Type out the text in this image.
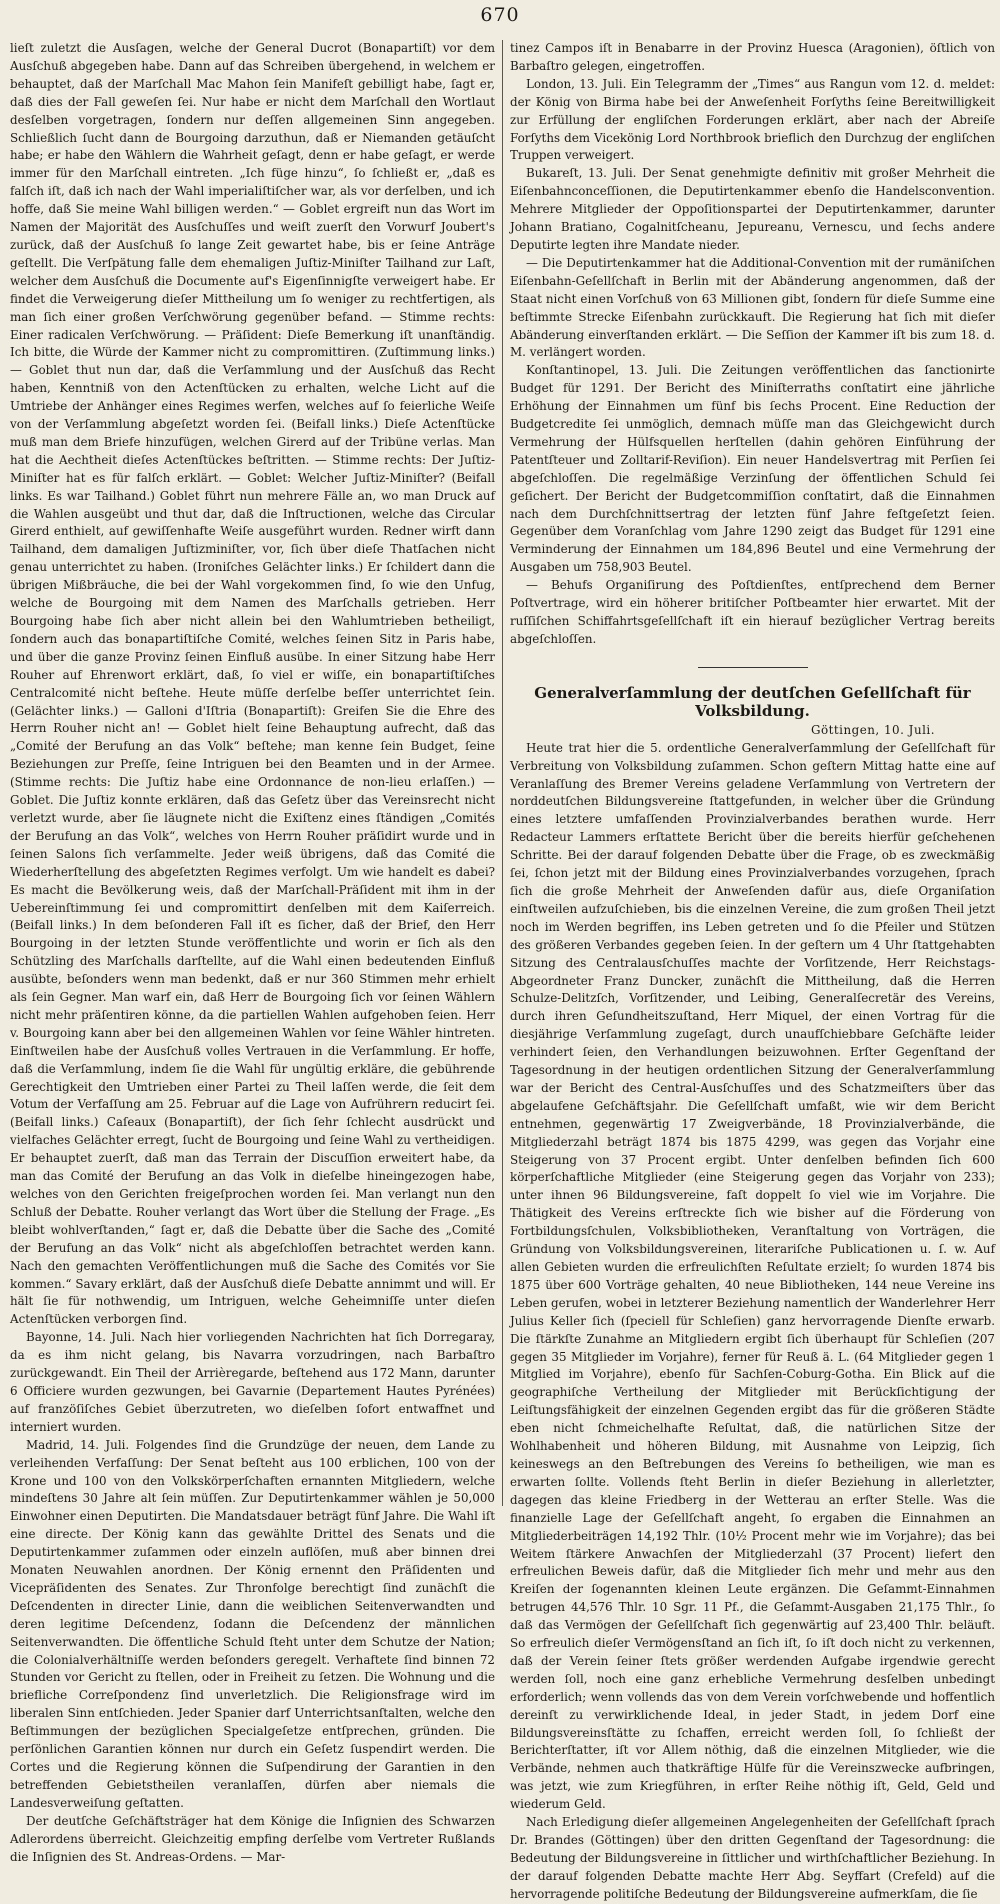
670

lieſt zuletzt die Ausſagen, welche der General Ducrot (Bonapartiſt) vor dem Ausſchuß abgegeben habe. Dann auf das Schreiben übergehend, in welchem er behauptet, daß der Marſchall Mac Mahon ſein Manifeſt gebilligt habe, ſagt er, daß dies der Fall geweſen ſei. Nur habe er nicht dem Marſchall den Wortlaut desſelben vorgetragen, ſondern nur deſſen allgemeinen Sinn angegeben. Schließlich ſucht dann de Bourgoing darzuthun, daß er Niemanden getäuſcht habe; er habe den Wählern die Wahrheit geſagt, denn er habe geſagt, er werde immer für den Marſchall eintreten. „Ich füge hinzu“, ſo ſchließt er, „daß es falſch iſt, daß ich nach der Wahl imperialiſtiſcher war, als vor derſelben, und ich hoffe, daß Sie meine Wahl billigen werden.“ — Goblet ergreift nun das Wort im Namen der Majorität des Ausſchuſſes und weiſt zuerſt den Vorwurf Joubert's zurück, daß der Ausſchuß ſo lange Zeit gewartet habe, bis er ſeine Anträge geſtellt. Die Verſpätung falle dem ehemaligen Juſtiz-Miniſter Tailhand zur Laſt, welcher dem Ausſchuß die Documente auf's Eigenſinnigſte verweigert habe. Er findet die Verweigerung dieſer Mittheilung um ſo weniger zu rechtfertigen, als man ſich einer großen Verſchwörung gegenüber befand. — Stimme rechts: Einer radicalen Verſchwörung. — Präſident: Dieſe Bemerkung iſt unanſtändig. Ich bitte, die Würde der Kammer nicht zu compromittiren. (Zuſtimmung links.) — Goblet thut nun dar, daß die Verſammlung und der Ausſchuß das Recht haben, Kenntniß von den Actenſtücken zu erhalten, welche Licht auf die Umtriebe der Anhänger eines Regimes werfen, welches auf ſo feierliche Weiſe von der Verſammlung abgeſetzt worden ſei. (Beifall links.) Dieſe Actenſtücke muß man dem Briefe hinzufügen, welchen Girerd auf der Tribüne verlas. Man hat die Aechtheit dieſes Actenſtückes beſtritten. — Stimme rechts: Der Juſtiz-Miniſter hat es für falſch erklärt. — Goblet: Welcher Juſtiz-Miniſter? (Beifall links. Es war Tailhand.) Goblet führt nun mehrere Fälle an, wo man Druck auf die Wahlen ausgeübt und thut dar, daß die Inſtructionen, welche das Circular Girerd enthielt, auf gewiſſenhafte Weiſe ausgeführt wurden. Redner wirft dann Tailhand, dem damaligen Juſtizminiſter, vor, ſich über dieſe Thatſachen nicht genau unterrichtet zu haben. (Ironiſches Gelächter links.) Er ſchildert dann die übrigen Mißbräuche, die bei der Wahl vorgekommen ſind, ſo wie den Unfug, welche de Bourgoing mit dem Namen des Marſchalls getrieben. Herr Bourgoing habe ſich aber nicht allein bei den Wahlumtrieben betheiligt, ſondern auch das bonapartiſtiſche Comité, welches ſeinen Sitz in Paris habe, und über die ganze Provinz ſeinen Einfluß ausübe. In einer Sitzung habe Herr Rouher auf Ehrenwort erklärt, daß, ſo viel er wiſſe, ein bonapartiſtiſches Centralcomité nicht beſtehe. Heute müſſe derſelbe beſſer unterrichtet ſein. (Gelächter links.) — Galloni d'Iſtria (Bonapartiſt): Greifen Sie die Ehre des Herrn Rouher nicht an! — Goblet hielt ſeine Behauptung aufrecht, daß das „Comité der Berufung an das Volk“ beſtehe; man kenne ſein Budget, ſeine Beziehungen zur Preſſe, ſeine Intriguen bei den Beamten und in der Armee. (Stimme rechts: Die Juſtiz habe eine Ordonnance de non-lieu erlaſſen.) — Goblet. Die Juſtiz konnte erklären, daß das Geſetz über das Vereinsrecht nicht verletzt wurde, aber ſie läugnete nicht die Exiſtenz eines ſtändigen „Comités der Berufung an das Volk“, welches von Herrn Rouher präſidirt wurde und in ſeinen Salons ſich verſammelte. Jeder weiß übrigens, daß das Comité die Wiederherſtellung des abgeſetzten Regimes verfolgt. Um wie handelt es dabei? Es macht die Bevölkerung weis, daß der Marſchall-Präſident mit ihm in der Uebereinſtimmung ſei und compromittirt denſelben mit dem Kaiſerreich. (Beifall links.) In dem beſonderen Fall iſt es ſicher, daß der Brief, den Herr Bourgoing in der letzten Stunde veröffentlichte und worin er ſich als den Schützling des Marſchalls darſtellte, auf die Wahl einen bedeutenden Einfluß ausübte, beſonders wenn man bedenkt, daß er nur 360 Stimmen mehr erhielt als ſein Gegner. Man warf ein, daß Herr de Bourgoing ſich vor ſeinen Wählern nicht mehr präſentiren könne, da die partiellen Wahlen aufgehoben ſeien. Herr v. Bourgoing kann aber bei den allgemeinen Wahlen vor ſeine Wähler hintreten. Einſtweilen habe der Ausſchuß volles Vertrauen in die Verſammlung. Er hoffe, daß die Verſammlung, indem ſie die Wahl für ungültig erkläre, die gebührende Gerechtigkeit den Umtrieben einer Partei zu Theil laſſen werde, die ſeit dem Votum der Verfaſſung am 25. Februar auf die Lage von Aufrührern reducirt ſei. (Beifall links.) Caſeaux (Bonapartiſt), der ſich ſehr ſchlecht ausdrückt und vielfaches Gelächter erregt, ſucht de Bourgoing und ſeine Wahl zu vertheidigen. Er behauptet zuerſt, daß man das Terrain der Discuſſion erweitert habe, da man das Comité der Berufung an das Volk in dieſelbe hineingezogen habe, welches von den Gerichten freigeſprochen worden ſei. Man verlangt nun den Schluß der Debatte. Rouher verlangt das Wort über die Stellung der Frage. „Es bleibt wohlverſtanden,“ ſagt er, daß die Debatte über die Sache des „Comité der Berufung an das Volk“ nicht als abgeſchloſſen betrachtet werden kann. Nach den gemachten Veröffentlichungen muß die Sache des Comités vor Sie kommen.“ Savary erklärt, daß der Ausſchuß dieſe Debatte annimmt und will. Er hält ſie für nothwendig, um Intriguen, welche Geheimniſſe unter dieſen Actenſtücken verborgen ſind.

Bayonne, 14. Juli. Nach hier vorliegenden Nachrichten hat ſich Dorregaray, da es ihm nicht gelang, bis Navarra vorzudringen, nach Barbaſtro zurückgewandt. Ein Theil der Arrièregarde, beſtehend aus 172 Mann, darunter 6 Officiere wurden gezwungen, bei Gavarnie (Departement Hautes Pyrénées) auf franzöſiſches Gebiet überzutreten, wo dieſelben ſofort entwaffnet und interniert wurden.

Madrid, 14. Juli. Folgendes ſind die Grundzüge der neuen, dem Lande zu verleihenden Verfaſſung: Der Senat beſteht aus 100 erblichen, 100 von der Krone und 100 von den Volkskörperſchaften ernannten Mitgliedern, welche mindeſtens 30 Jahre alt ſein müſſen. Zur Deputirtenkammer wählen je 50,000 Einwohner einen Deputirten. Die Mandatsdauer beträgt fünf Jahre. Die Wahl iſt eine directe. Der König kann das gewählte Drittel des Senats und die Deputirtenkammer zuſammen oder einzeln auflöſen, muß aber binnen drei Monaten Neuwahlen anordnen. Der König ernennt den Präſidenten und Vicepräſidenten des Senates. Zur Thronfolge berechtigt ſind zunächſt die Deſcendenten in directer Linie, dann die weiblichen Seitenverwandten und deren legitime Deſcendenz, ſodann die Deſcendenz der männlichen Seitenverwandten. Die öffentliche Schuld ſteht unter dem Schutze der Nation; die Colonialverhältniſſe werden beſonders geregelt. Verhaftete ſind binnen 72 Stunden vor Gericht zu ſtellen, oder in Freiheit zu ſetzen. Die Wohnung und die briefliche Correſpondenz ſind unverletzlich. Die Religionsfrage wird im liberalen Sinn entſchieden. Jeder Spanier darf Unterrichtsanſtalten, welche den Beſtimmungen der bezüglichen Specialgeſetze entſprechen, gründen. Die perſönlichen Garantien können nur durch ein Geſetz ſuspendirt werden. Die Cortes und die Regierung können die Suſpendirung der Garantien in den betreffenden Gebietstheilen veranlaſſen, dürfen aber niemals die Landesverweiſung geſtatten.

Der deutſche Geſchäftsträger hat dem Könige die Inſignien des Schwarzen Adlerordens überreicht. Gleichzeitig empfing derſelbe vom Vertreter Rußlands die Inſignien des St. Andreas-Ordens. — Mar-

tinez Campos iſt in Benabarre in der Provinz Huesca (Aragonien), öſtlich von Barbaſtro gelegen, eingetroffen.

London, 13. Juli. Ein Telegramm der „Times“ aus Rangun vom 12. d. meldet: der König von Birma habe bei der Anweſenheit Forſyths ſeine Bereitwilligkeit zur Erfüllung der engliſchen Forderungen erklärt, aber nach der Abreiſe Forſyths dem Vicekönig Lord Northbrook brieflich den Durchzug der engliſchen Truppen verweigert.

Bukareſt, 13. Juli. Der Senat genehmigte definitiv mit großer Mehrheit die Eiſenbahnconceſſionen, die Deputirtenkammer ebenſo die Handelsconvention. Mehrere Mitglieder der Oppoſitionspartei der Deputirtenkammer, darunter Johann Bratiano, Cogalnitſcheanu, Jepureanu, Vernescu, und ſechs andere Deputirte legten ihre Mandate nieder.

— Die Deputirtenkammer hat die Additional-Convention mit der rumäniſchen Eiſenbahn-Geſellſchaft in Berlin mit der Abänderung angenommen, daß der Staat nicht einen Vorſchuß von 63 Millionen gibt, ſondern für dieſe Summe eine beſtimmte Strecke Eiſenbahn zurückkauft. Die Regierung hat ſich mit dieſer Abänderung einverſtanden erklärt. — Die Seſſion der Kammer iſt bis zum 18. d. M. verlängert worden.

Konſtantinopel, 13. Juli. Die Zeitungen veröffentlichen das ſanctionirte Budget für 1291. Der Bericht des Miniſterraths conſtatirt eine jährliche Erhöhung der Einnahmen um fünf bis ſechs Procent. Eine Reduction der Budgetcredite ſei unmöglich, demnach müſſe man das Gleichgewicht durch Vermehrung der Hülfsquellen herſtellen (dahin gehören Einführung der Patentſteuer und Zolltarif-Reviſion). Ein neuer Handelsvertrag mit Perſien ſei abgeſchloſſen. Die regelmäßige Verzinſung der öffentlichen Schuld ſei geſichert. Der Bericht der Budgetcommiſſion conſtatirt, daß die Einnahmen nach dem Durchſchnittsertrag der letzten fünf Jahre feſtgeſetzt ſeien. Gegenüber dem Voranſchlag vom Jahre 1290 zeigt das Budget für 1291 eine Verminderung der Einnahmen um 184,896 Beutel und eine Vermehrung der Ausgaben um 758,903 Beutel.

— Behufs Organiſirung des Poſtdienſtes, entſprechend dem Berner Poſtvertrage, wird ein höherer britiſcher Poſtbeamter hier erwartet. Mit der ruſſiſchen Schiffahrtsgeſellſchaft iſt ein hierauf bezüglicher Vertrag bereits abgeſchloſſen.

Generalverſammlung der deutſchen Geſellſchaft für Volksbildung.

Göttingen, 10. Juli.

Heute trat hier die 5. ordentliche Generalverſammlung der Geſellſchaft für Verbreitung von Volksbildung zuſammen. Schon geſtern Mittag hatte eine auf Veranlaſſung des Bremer Vereins geladene Verſammlung von Vertretern der norddeutſchen Bildungsvereine ſtattgefunden, in welcher über die Gründung eines letztere umfaſſenden Provinzialverbandes berathen wurde. Herr Redacteur Lammers erſtattete Bericht über die bereits hierfür geſchehenen Schritte. Bei der darauf folgenden Debatte über die Frage, ob es zweckmäßig ſei, ſchon jetzt mit der Bildung eines Provinzialverbandes vorzugehen, ſprach ſich die große Mehrheit der Anweſenden dafür aus, dieſe Organiſation einſtweilen aufzuſchieben, bis die einzelnen Vereine, die zum großen Theil jetzt noch im Werden begriffen, ins Leben getreten und ſo die Pfeiler und Stützen des größeren Verbandes gegeben ſeien. In der geſtern um 4 Uhr ſtattgehabten Sitzung des Centralausſchuſſes machte der Vorſitzende, Herr Reichstags-Abgeordneter Franz Duncker, zunächſt die Mittheilung, daß die Herren Schulze-Delitzſch, Vorſitzender, und Leibing, Generalſecretär des Vereins, durch ihren Geſundheitszuſtand, Herr Miquel, der einen Vortrag für die diesjährige Verſammlung zugeſagt, durch unaufſchiebbare Geſchäfte leider verhindert ſeien, den Verhandlungen beizuwohnen. Erſter Gegenſtand der Tagesordnung in der heutigen ordentlichen Sitzung der Generalverſammlung war der Bericht des Central-Ausſchuſſes und des Schatzmeiſters über das abgelaufene Geſchäftsjahr. Die Geſellſchaft umfaßt, wie wir dem Bericht entnehmen, gegenwärtig 17 Zweigverbände, 18 Provinzialverbände, die Mitgliederzahl beträgt 1874 bis 1875 4299, was gegen das Vorjahr eine Steigerung von 37 Procent ergibt. Unter denſelben befinden ſich 600 körperſchaftliche Mitglieder (eine Steigerung gegen das Vorjahr von 233); unter ihnen 96 Bildungsvereine, faſt doppelt ſo viel wie im Vorjahre. Die Thätigkeit des Vereins erſtreckte ſich wie bisher auf die Förderung von Fortbildungsſchulen, Volksbibliotheken, Veranſtaltung von Vorträgen, die Gründung von Volksbildungsvereinen, literariſche Publicationen u. ſ. w. Auf allen Gebieten wurden die erfreulichſten Reſultate erzielt; ſo wurden 1874 bis 1875 über 600 Vorträge gehalten, 40 neue Bibliotheken, 144 neue Vereine ins Leben gerufen, wobei in letzterer Beziehung namentlich der Wanderlehrer Herr Julius Keller ſich (ſpeciell für Schleſien) ganz hervorragende Dienſte erwarb. Die ſtärkſte Zunahme an Mitgliedern ergibt ſich überhaupt für Schleſien (207 gegen 35 Mitglieder im Vorjahre), ferner für Reuß ä. L. (64 Mitglieder gegen 1 Mitglied im Vorjahre), ebenſo für Sachſen-Coburg-Gotha. Ein Blick auf die geographiſche Vertheilung der Mitglieder mit Berückſichtigung der Leiſtungsfähigkeit der einzelnen Gegenden ergibt das für die größeren Städte eben nicht ſchmeichelhafte Reſultat, daß, die natürlichen Sitze der Wohlhabenheit und höheren Bildung, mit Ausnahme von Leipzig, ſich keineswegs an den Beſtrebungen des Vereins ſo betheiligen, wie man es erwarten ſollte. Vollends ſteht Berlin in dieſer Beziehung in allerletzter, dagegen das kleine Friedberg in der Wetterau an erſter Stelle. Was die finanzielle Lage der Geſellſchaft angeht, ſo ergaben die Einnahmen an Mitgliederbeiträgen 14,192 Thlr. (10½ Procent mehr wie im Vorjahre); das bei Weitem ſtärkere Anwachſen der Mitgliederzahl (37 Procent) liefert den erfreulichen Beweis dafür, daß die Mitglieder ſich mehr und mehr aus den Kreiſen der ſogenannten kleinen Leute ergänzen. Die Geſammt-Einnahmen betrugen 44,576 Thlr. 10 Sgr. 11 Pf., die Geſammt-Ausgaben 21,175 Thlr., ſo daß das Vermögen der Geſellſchaft ſich gegenwärtig auf 23,400 Thlr. beläuft. So erfreulich dieſer Vermögensſtand an ſich iſt, ſo iſt doch nicht zu verkennen, daß der Verein ſeiner ſtets größer werdenden Aufgabe irgendwie gerecht werden ſoll, noch eine ganz erhebliche Vermehrung desſelben unbedingt erforderlich; wenn vollends das von dem Verein vorſchwebende und hoffentlich dereinſt zu verwirklichende Ideal, in jeder Stadt, in jedem Dorf eine Bildungsvereinsſtätte zu ſchaffen, erreicht werden ſoll, ſo ſchließt der Berichterſtatter, iſt vor Allem nöthig, daß die einzelnen Mitglieder, wie die Verbände, nehmen auch thatkräftige Hülfe für die Vereinszwecke aufbringen, was jetzt, wie zum Kriegführen, in erſter Reihe nöthig iſt, Geld, Geld und wiederum Geld.

Nach Erledigung dieſer allgemeinen Angelegenheiten der Geſellſchaft ſprach Dr. Brandes (Göttingen) über den dritten Gegenſtand der Tagesordnung: die Bedeutung der Bildungsvereine in ſittlicher und wirthſchaftlicher Beziehung. In der darauf folgenden Debatte machte Herr Abg. Seyffart (Crefeld) auf die hervorragende politiſche Bedeutung der Bildungsvereine aufmerkſam, die ſie
